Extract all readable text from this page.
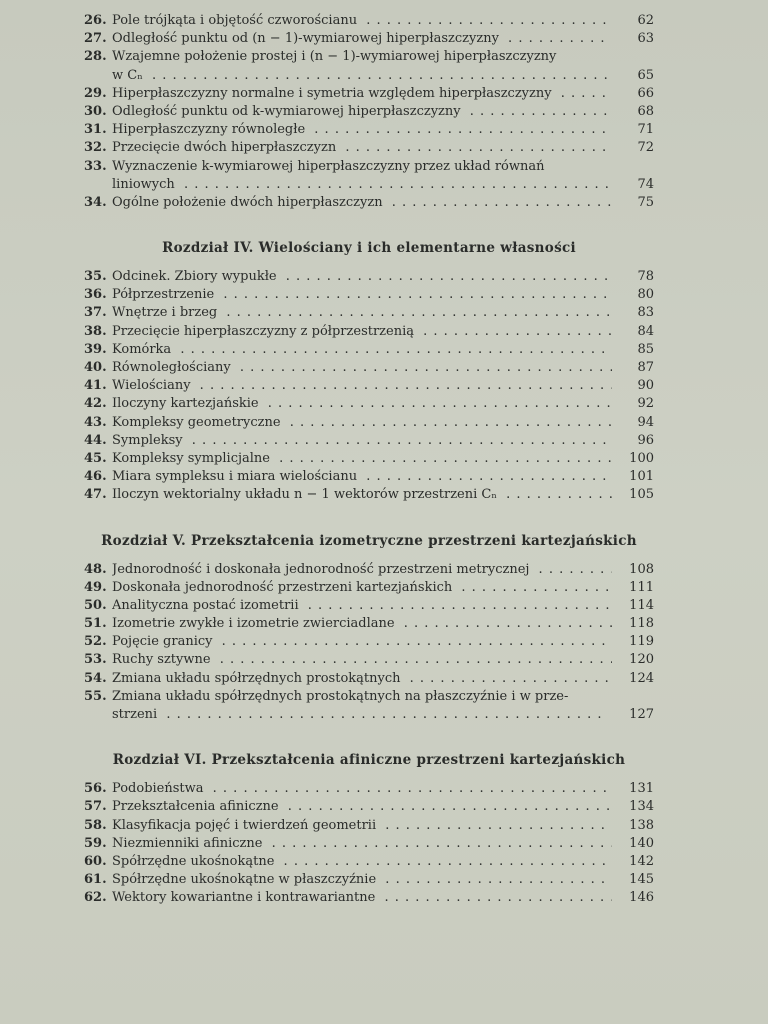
26. Pole trójkąta i objętość czworościanu . . .	62
27. Odległość punktu od (n − 1)-wymiarowej hiperpłaszczyzny . . .	63
28. Wzajemne położenie prostej i (n − 1)-wymiarowej hiperpłaszczyzny
w Cₙ . . .	65
29. Hiperpłaszczyzny normalne i symetria względem hiperpłaszczyzny . . .	66
30. Odległość punktu od k-wymiarowej hiperpłaszczyzny . . .	68
31. Hiperpłaszczyzny równoległe . . .	71
32. Przecięcie dwóch hiperpłaszczyzn . . .	72
33. Wyznaczenie k-wymiarowej hiperpłaszczyzny przez układ równań
liniowych . . .	74
34. Ogólne położenie dwóch hiperpłaszczyzn . . .	75
Rozdział IV. Wielościany i ich elementarne własności
35. Odcinek. Zbiory wypukłe . . .	78
36. Półprzestrzenie . . .	80
37. Wnętrze i brzeg . . .	83
38. Przecięcie hiperpłaszczyzny z półprzestrzenią . . .	84
39. Komórka . . .	85
40. Równoległościany . . .	87
41. Wielościany . . .	90
42. Iloczyny kartezjańskie . . .	92
43. Kompleksy geometryczne . . .	94
44. Sympleksy . . .	96
45. Kompleksy symplicjalne . . .	100
46. Miara sympleksu i miara wielościanu . . .	101
47. Iloczyn wektorialny układu n − 1 wektorów przestrzeni Cₙ . . .	105
Rozdział V. Przekształcenia izometryczne przestrzeni kartezjańskich
48. Jednorodność i doskonała jednorodność przestrzeni metrycznej . . .	108
49. Doskonała jednorodność przestrzeni kartezjańskich . . .	111
50. Analityczna postać izometrii . . .	114
51. Izometrie zwykłe i izometrie zwierciadlane . . .	118
52. Pojęcie granicy . . .	119
53. Ruchy sztywne . . .	120
54. Zmiana układu spółrzędnych prostokątnych . . .	124
55. Zmiana układu spółrzędnych prostokątnych na płaszczyźnie i w prze-
strzeni . . .	127
Rozdział VI. Przekształcenia afiniczne przestrzeni kartezjańskich
56. Podobieństwa . . .	131
57. Przekształcenia afiniczne . . .	134
58. Klasyfikacja pojęć i twierdzeń geometrii . . .	138
59. Niezmienniki afiniczne . . .	140
60. Spółrzędne ukośnokątne . . .	142
61. Spółrzędne ukośnokątne w płaszczyźnie . . .	145
62. Wektory kowariantne i kontrawariantne . . .	146
